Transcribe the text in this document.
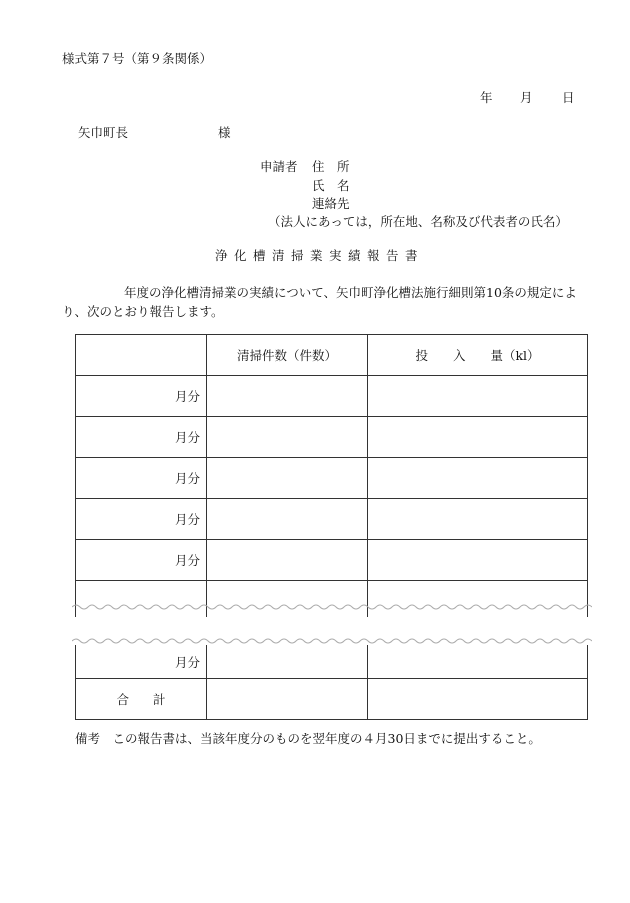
様式第７号（第９条関係）
年 月 日
矢巾町長	様
申請者 住　所
氏　名
連絡先
（法人にあっては，所在地、名称及び代表者の氏名）
浄化槽清掃業実績報告書
年度の浄化槽清掃業の実績について、矢巾町浄化槽法施行細則第10条の規定により、次のとおり報告します。
	清掃件数（件数）	投　　入　　量（kl）
月分		
月分		
月分		
月分		
月分		

月分		
合計		
備考　この報告書は、当該年度分のものを翌年度の４月30日までに提出すること。
